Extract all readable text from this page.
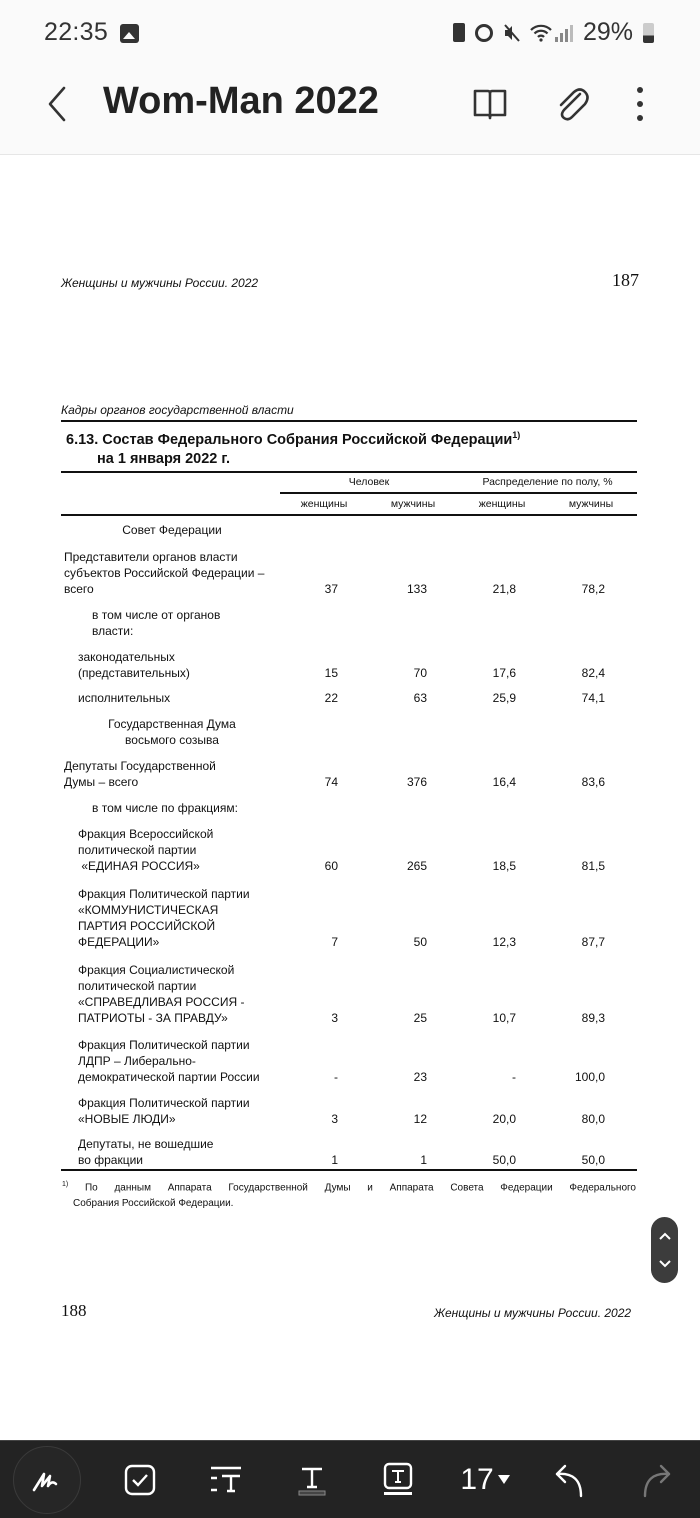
22:35	29%
Wom-Man 2022
Женщины и мужчины России. 2022	187
Кадры органов государственной власти
6.13. Состав Федерального Собрания Российской Федерации$^{1)}$
на 1 января 2022 г.
Человек	Распределение по полу, %
женщины	мужчины	женщины	мужчины
Совет Федерации
Представители органов власти
субъектов Российской Федерации –
всего	37	133	21,8	78,2
в том числе от органов
власти:
законодательных
(представительных)	15	70	17,6	82,4
исполнительных	22	63	25,9	74,1
Государственная Дума
восьмого созыва
Депутаты Государственной
Думы – всего	74	376	16,4	83,6
в том числе по фракциям:
Фракция Всероссийской
политической партии
«ЕДИНАЯ РОССИЯ»	60	265	18,5	81,5
Фракция Политической партии
«КОММУНИСТИЧЕСКАЯ
ПАРТИЯ РОССИЙСКОЙ
ФЕДЕРАЦИИ»	7	50	12,3	87,7
Фракция Социалистической
политической партии
«СПРАВЕДЛИВАЯ РОССИЯ -
ПАТРИОТЫ - ЗА ПРАВДУ»	3	25	10,7	89,3
Фракция Политической партии
ЛДПР – Либерально-
демократической партии России	-	23	-	100,0
Фракция Политической партии
«НОВЫЕ ЛЮДИ»	3	12	20,0	80,0
Депутаты, не вошедшие
во фракции	1	1	50,0	50,0
$^{1)}$ По данным Аппарата Государственной Думы и Аппарата Совета Федерации Федерального
Собрания Российской Федерации.
188	Женщины и мужчины России. 2022
17
